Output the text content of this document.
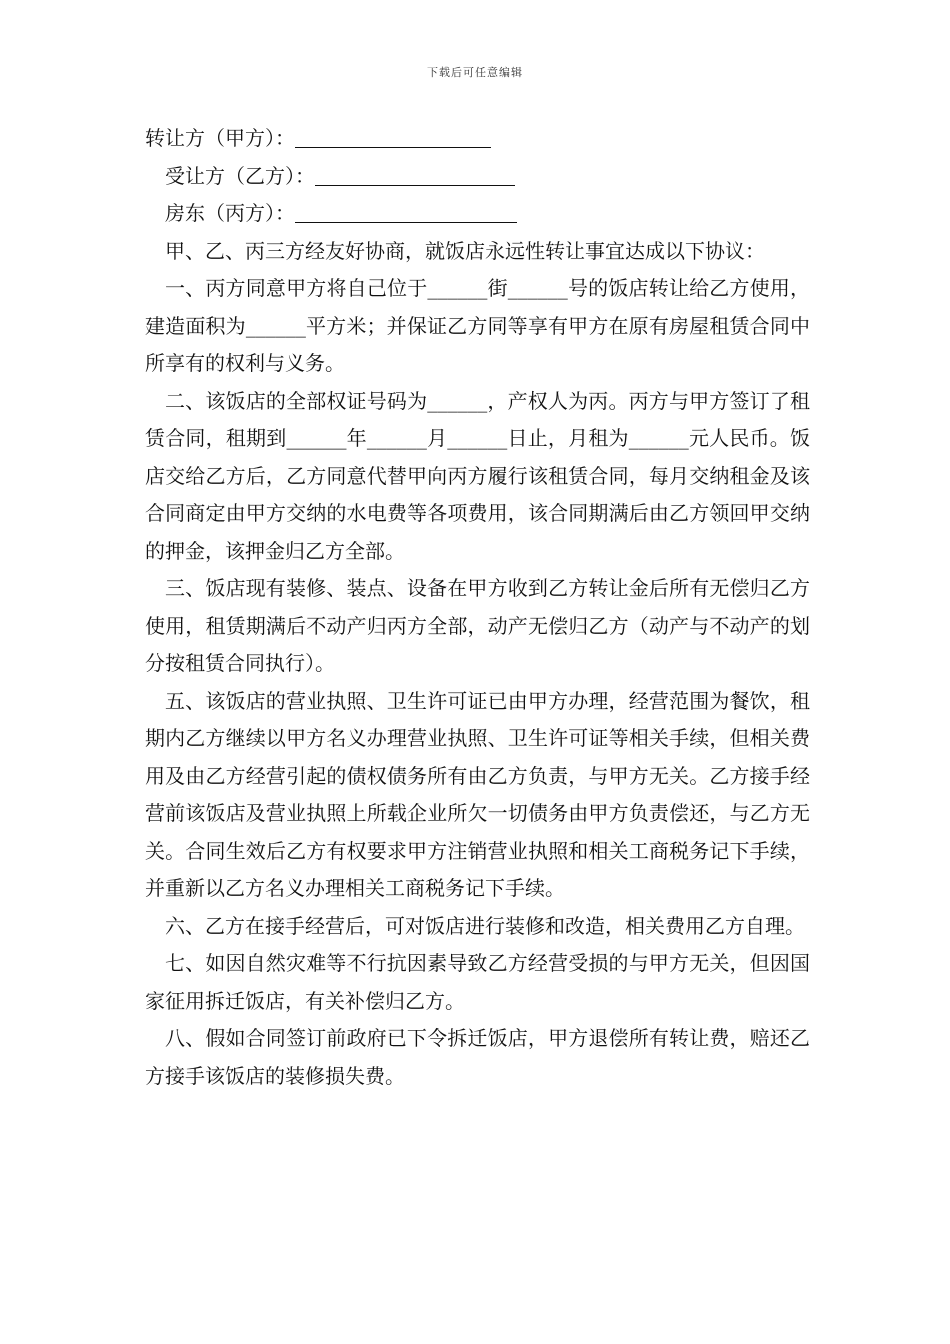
下载后可任意编辑
转让方（甲方）：
受让方（乙方）：
房东（丙方）：
甲、乙、丙三方经友好协商，就饭店永远性转让事宜达成以下协议：
一、丙方同意甲方将自己位于______街______号的饭店转让给乙方使用，建造面积为______平方米；并保证乙方同等享有甲方在原有房屋租赁合同中所享有的权利与义务。
二、该饭店的全部权证号码为______，产权人为丙。丙方与甲方签订了租赁合同，租期到______年______月______日止，月租为______元人民币。饭店交给乙方后，乙方同意代替甲向丙方履行该租赁合同，每月交纳租金及该合同商定由甲方交纳的水电费等各项费用，该合同期满后由乙方领回甲交纳的押金，该押金归乙方全部。
三、饭店现有装修、装点、设备在甲方收到乙方转让金后所有无偿归乙方使用，租赁期满后不动产归丙方全部，动产无偿归乙方（动产与不动产的划分按租赁合同执行）。
五、该饭店的营业执照、卫生许可证已由甲方办理，经营范围为餐饮，租期内乙方继续以甲方名义办理营业执照、卫生许可证等相关手续，但相关费用及由乙方经营引起的债权债务所有由乙方负责，与甲方无关。乙方接手经营前该饭店及营业执照上所载企业所欠一切债务由甲方负责偿还，与乙方无关。合同生效后乙方有权要求甲方注销营业执照和相关工商税务记下手续，并重新以乙方名义办理相关工商税务记下手续。
六、乙方在接手经营后，可对饭店进行装修和改造，相关费用乙方自理。
七、如因自然灾难等不行抗因素导致乙方经营受损的与甲方无关，但因国家征用拆迁饭店，有关补偿归乙方。
八、假如合同签订前政府已下令拆迁饭店，甲方退偿所有转让费，赔还乙方接手该饭店的装修损失费。
